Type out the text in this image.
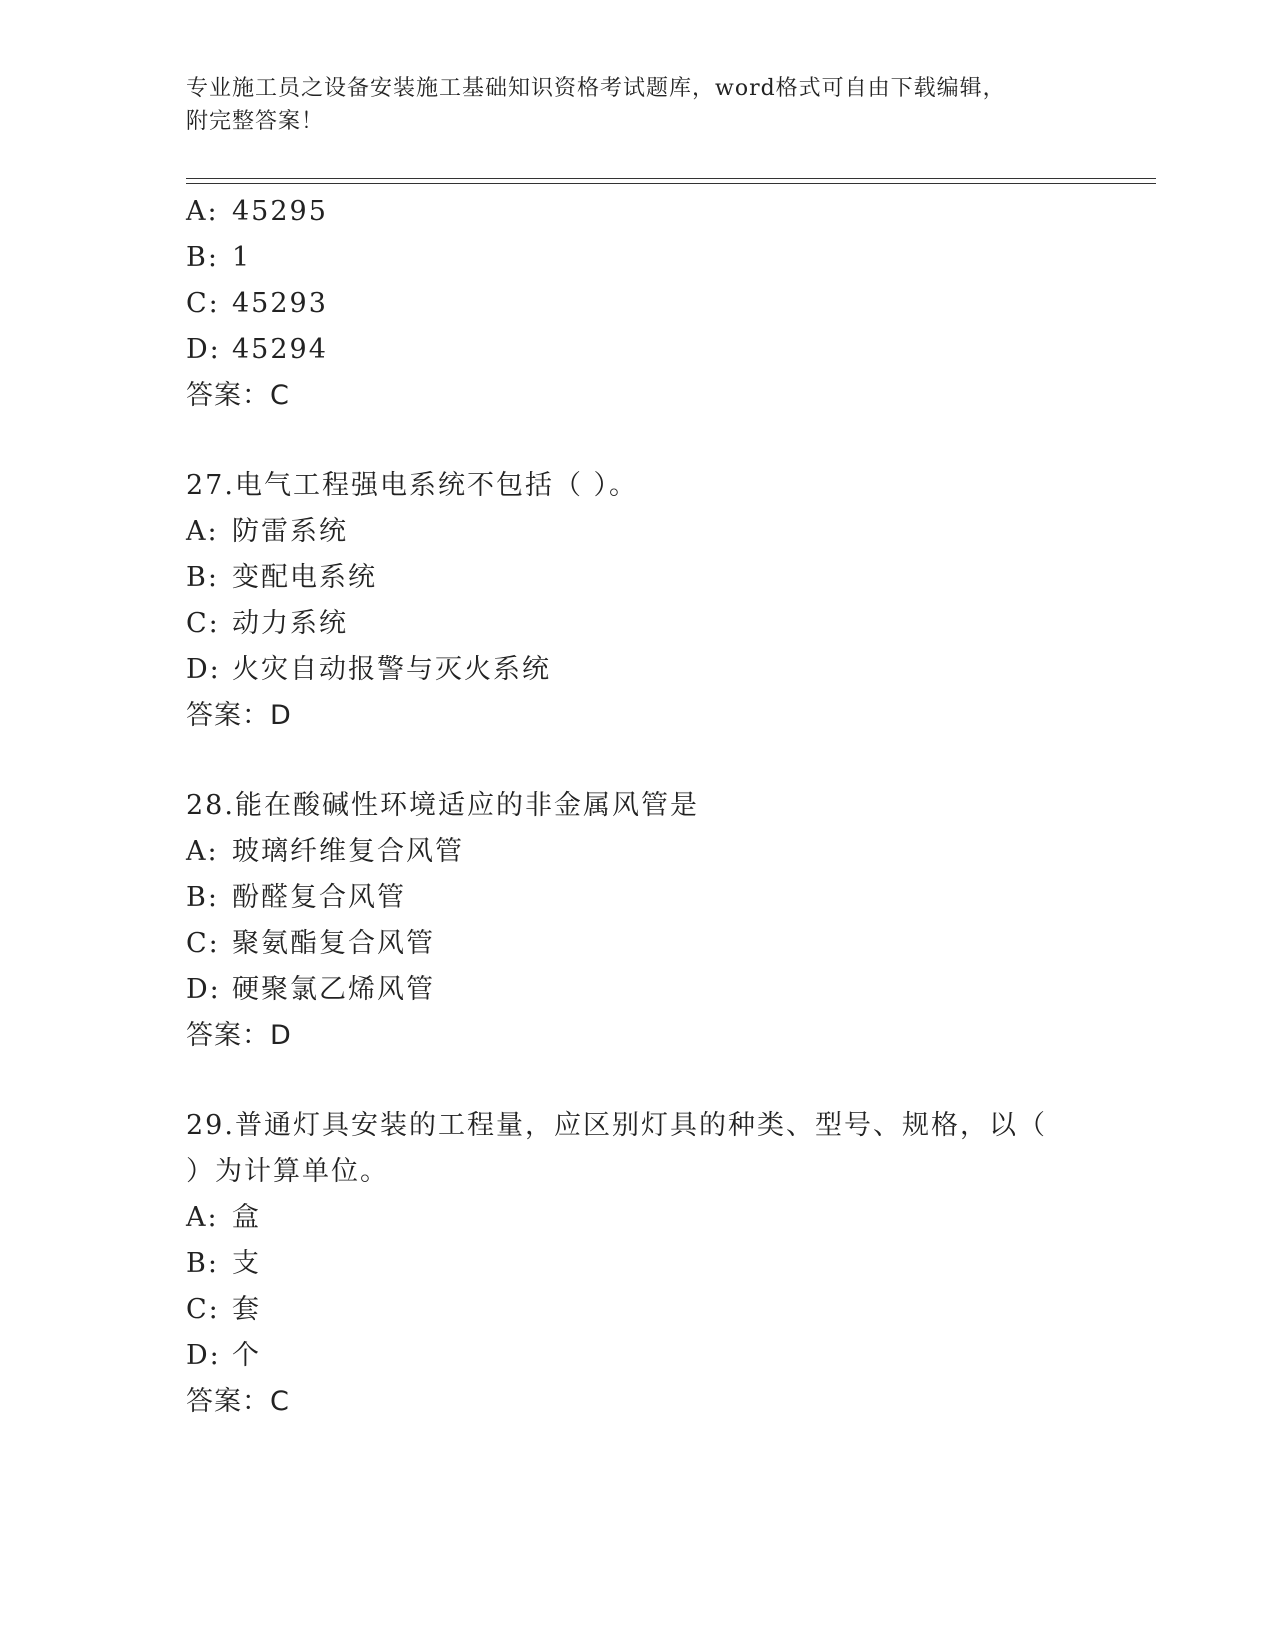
专业施工员之设备安装施工基础知识资格考试题库，word格式可自由下载编辑，
附完整答案！
A: 45295
B: 1
C: 45293
D: 45294
答案：C
27.电气工程强电系统不包括（ ）。
A: 防雷系统
B: 变配电系统
C: 动力系统
D: 火灾自动报警与灭火系统
答案：D
28.能在酸碱性环境适应的非金属风管是
A: 玻璃纤维复合风管
B: 酚醛复合风管
C: 聚氨酯复合风管
D: 硬聚氯乙烯风管
答案：D
29.普通灯具安装的工程量，应区别灯具的种类、型号、规格，以（
）为计算单位。
A: 盒
B: 支
C: 套
D: 个
答案：C
